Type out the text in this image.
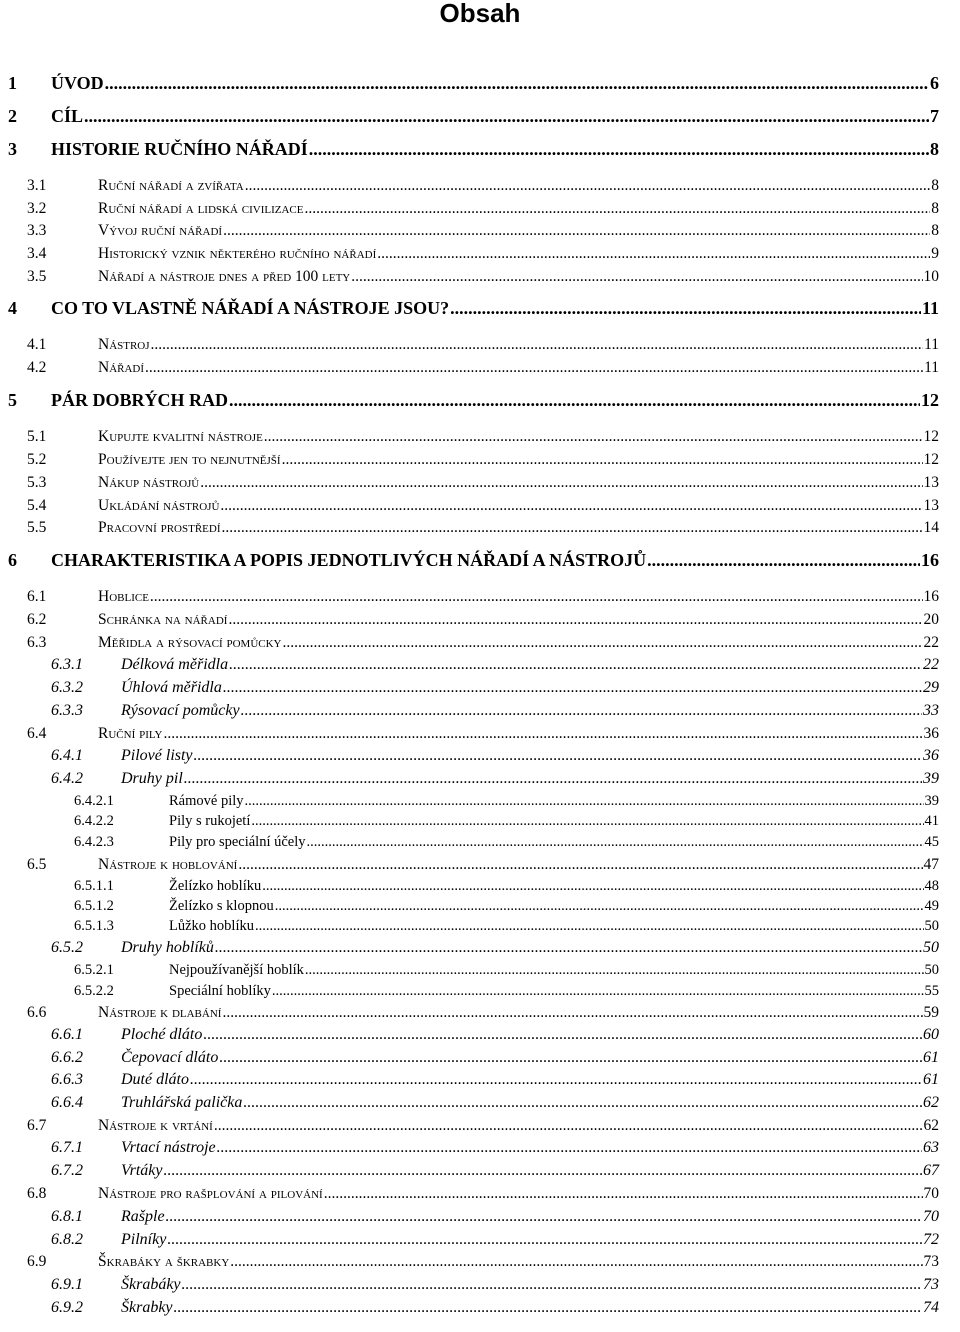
Obsah
1 ÚVOD .....	6
2 CÍL .....	7
3 HISTORIE RUČNÍHO NÁŘADÍ .....	8
3.1	Ruční nářadí a zvířata .....	8
3.2	Ruční nářadí a lidská civilizace .....	8
3.3	Vývoj ruční nářadí .....	8
3.4	Historický vznik některého ručního nářadí .....	9
3.5	Nářadí a nástroje dnes a před 100 lety .....	10
4 CO TO VLASTNĚ NÁŘADÍ A NÁSTROJE JSOU? .....	11
4.1	Nástroj .....	11
4.2	Nářadí .....	11
5 PÁR DOBRÝCH RAD .....	12
5.1	Kupujte kvalitní nástroje .....	12
5.2	Používejte jen to nejnutnější .....	12
5.3	Nákup nástrojů .....	13
5.4	Ukládání nástrojů .....	13
5.5	Pracovní prostředí .....	14
6 CHARAKTERISTIKA A POPIS JEDNOTLIVÝCH NÁŘADÍ A NÁSTROJŮ .....	16
6.1	Hoblice .....	16
6.2	Schránka na nářadí .....	20
6.3	Měřidla a rýsovací pomůcky .....	22
6.3.1 Délková měřidla .....	22
6.3.2 Úhlová měřidla .....	29
6.3.3 Rýsovací pomůcky .....	33
6.4	Ruční pily .....	36
6.4.1 Pilové listy .....	36
6.4.2 Druhy pil .....	39
6.4.2.1	Rámové pily .....	39
6.4.2.2	Pily s rukojetí .....	41
6.4.2.3	Pily pro speciální účely .....	45
6.5	Nástroje k hoblování .....	47
6.5.1.1	Želízko hoblíku .....	48
6.5.1.2	Želízko s klopnou .....	49
6.5.1.3	Lůžko hoblíku .....	50
6.5.2 Druhy hoblíků .....	50
6.5.2.1	Nejpoužívanější hoblík .....	50
6.5.2.2	Speciální hoblíky .....	55
6.6	Nástroje k dlabání .....	59
6.6.1 Ploché dláto .....	60
6.6.2 Čepovací dláto .....	61
6.6.3 Duté dláto .....	61
6.6.4 Truhlářská palička .....	62
6.7	Nástroje k vrtání .....	62
6.7.1 Vrtací nástroje .....	63
6.7.2 Vrtáky .....	67
6.8	Nástroje pro rašplování a pilování .....	70
6.8.1 Rašple .....	70
6.8.2 Pilníky .....	72
6.9	Škrabáky a škrabky .....	73
6.9.1 Škrabáky .....	73
6.9.2 Škrabky .....	74
